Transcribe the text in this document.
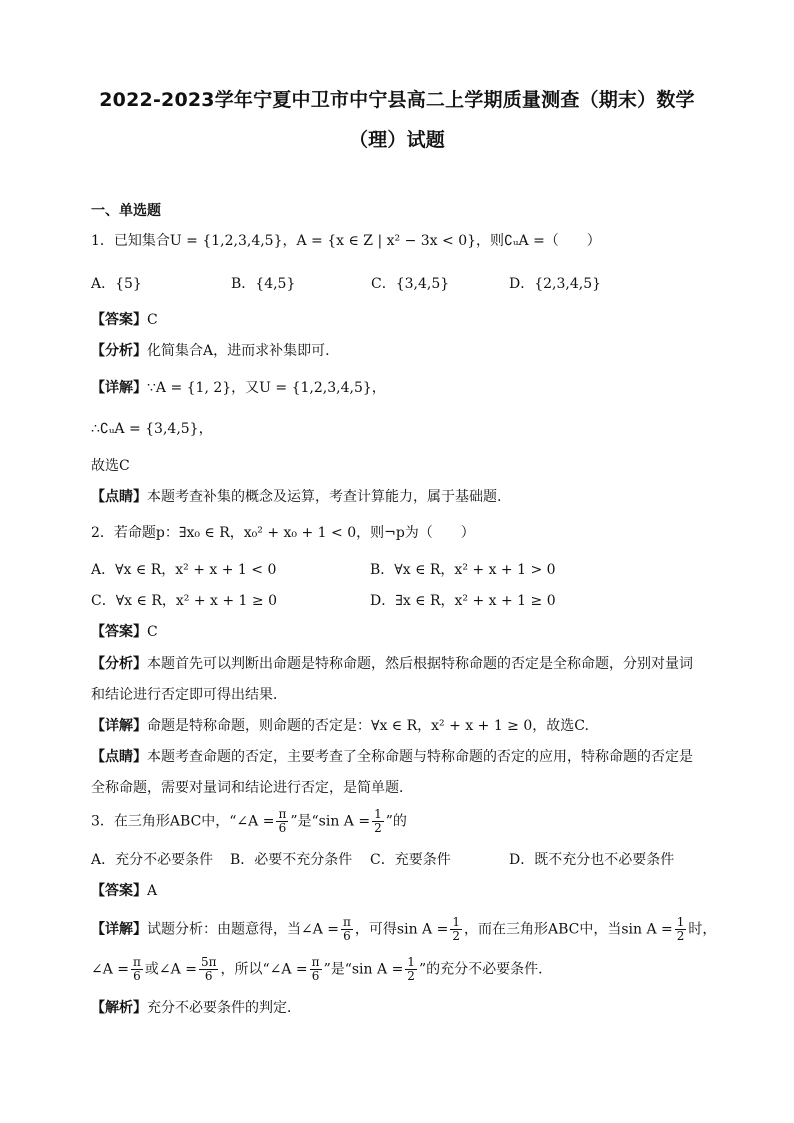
2022-2023学年宁夏中卫市中宁县高二上学期质量测查（期末）数学
（理）试题
一、单选题
1．已知集合U = {1,2,3,4,5}，A = {x ∈ Z | x² − 3x < 0}，则∁ᵤA =（　　）
A．{5}	B．{4,5}	C．{3,4,5}	D．{2,3,4,5}
【答案】C
【分析】化简集合A，进而求补集即可.
【详解】∵A = {1, 2}，又U = {1,2,3,4,5}，
∴∁ᵤA = {3,4,5}，
故选C
【点睛】本题考查补集的概念及运算，考查计算能力，属于基础题.
2．若命题p：∃x₀ ∈ R，x₀² + x₀ + 1 < 0，则¬p为（　　）
A．∀x ∈ R，x² + x + 1 < 0	B．∀x ∈ R，x² + x + 1 > 0
C．∀x ∈ R，x² + x + 1 ≥ 0	D．∃x ∈ R，x² + x + 1 ≥ 0
【答案】C
【分析】本题首先可以判断出命题是特称命题，然后根据特称命题的否定是全称命题，分别对量词
和结论进行否定即可得出结果．
【详解】命题是特称命题，则命题的否定是：∀x ∈ R，x² + x + 1 ≥ 0，故选C.
【点睛】本题考查命题的否定，主要考查了全称命题与特称命题的否定的应用，特称命题的否定是
全称命题，需要对量词和结论进行否定，是简单题．
3．在三角形ABC中，“∠A = $\frac{\pi}{6}$ ”是“sin $A = \frac{1}{2}$ ”的
A．充分不必要条件 B．必要不充分条件 C．充要条件	D．既不充分也不必要条件
【答案】A
【详解】试题分析：由题意得，当∠A = $\frac{\pi}{6}$ ，可得$\sin A = \frac{1}{2}$ ，而在三角形ABC中，当$\sin A = \frac{1}{2}$ 时，
∠A = $\frac{\pi}{6}$ 或∠A = $\frac{5\pi}{6}$ ，所以“∠A = $\frac{\pi}{6}$ ”是“sin $A = \frac{1}{2}$ ”的充分不必要条件．
【解析】充分不必要条件的判定．
